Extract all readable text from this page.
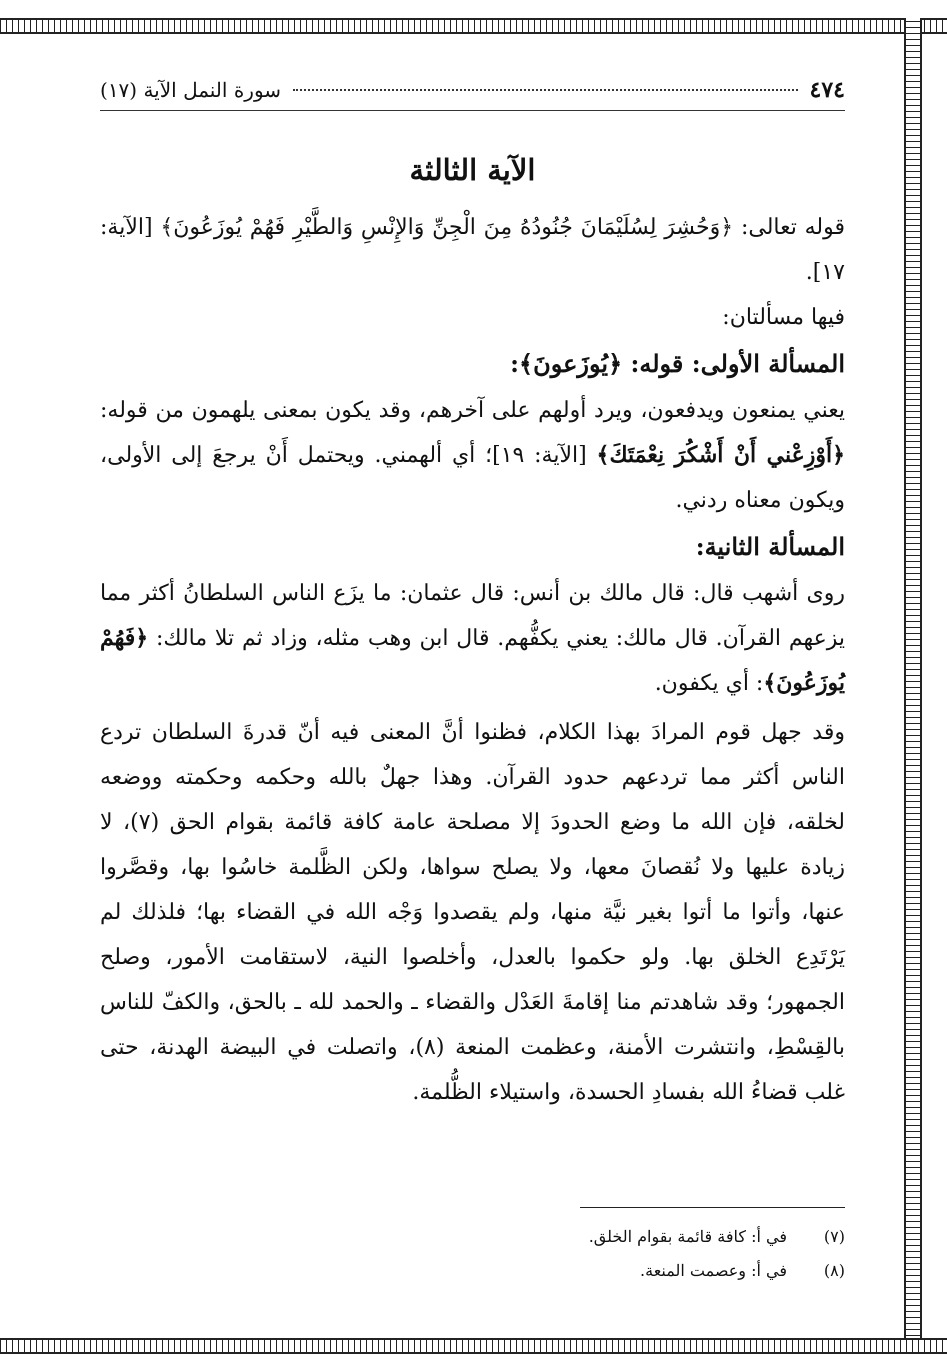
٤٧٤
سورة النمل الآية (١٧)
الآية الثالثة

قوله تعالى: ﴿وَحُشِرَ لِسُلَيْمَانَ جُنُودُهُ مِنَ الْجِنِّ وَالإِنْسِ وَالطَّيْرِ فَهُمْ يُوزَعُونَ﴾ [الآية: ١٧].

فيها مسألتان:

المسألة الأولى: قوله: ﴿يُوزَعونَ﴾:

يعني يمنعون ويدفعون، ويرد أولهم على آخرهم، وقد يكون بمعنى يلهمون من قوله: ﴿أَوْزِعْني أَنْ أَشْكُرَ نِعْمَتَكَ﴾ [الآية: ١٩]؛ أي ألهمني. ويحتمل أَنْ يرجعَ إلى الأولى، ويكون معناه ردني.

المسألة الثانية:

روى أشهب قال: قال مالك بن أنس: قال عثمان: ما يزَع الناس السلطانُ أكثر مما يزعهم القرآن. قال مالك: يعني يكفُّهم. قال ابن وهب مثله، وزاد ثم تلا مالك: ﴿فَهُمْ يُوزَعُونَ﴾: أي يكفون.

وقد جهل قوم المرادَ بهذا الكلام، فظنوا أنَّ المعنى فيه أنّ قدرةَ السلطان تردع الناس أكثر مما تردعهم حدود القرآن. وهذا جهلٌ بالله وحكمه وحكمته ووضعه لخلقه، فإن الله ما وضع الحدودَ إلا مصلحة عامة كافة قائمة بقوام الحق (٧)، لا زيادة عليها ولا نُقصانَ معها، ولا يصلح سواها، ولكن الظَّلمة خاسُوا بها، وقصَّروا عنها، وأتوا ما أتوا بغير نيَّة منها، ولم يقصدوا وَجْه الله في القضاء بها؛ فلذلك لم يَرْتَدِع الخلق بها. ولو حكموا بالعدل، وأخلصوا النية، لاستقامت الأمور، وصلح الجمهور؛ وقد شاهدتم منا إقامةَ العَدْل والقضاء ـ والحمد لله ـ بالحق، والكفّ للناس بالقِسْطِ، وانتشرت الأمنة، وعظمت المنعة (٨)، واتصلت في البيضة الهدنة، حتى غلب قضاءُ الله بفسادِ الحسدة، واستيلاء الظُّلمة.

(٧)
في أ: كافة قائمة بقوام الخلق.
(٨)
في أ: وعصمت المنعة.
